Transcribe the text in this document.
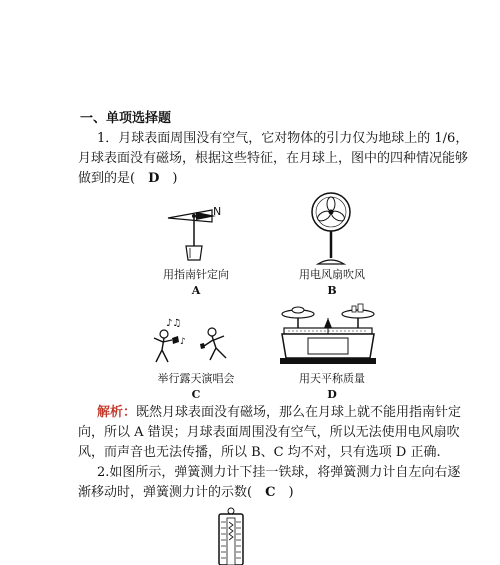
一、单项选择题
1．月球表面周围没有空气，它对物体的引力仅为地球上的 1/6，
月球表面没有磁场，根据这些特征，在月球上，图中的四种情况能够
做到的是(　D　)
N
用指南针定向
A
用电风扇吹风
B
♪♫
♪
举行露天演唱会
C
用天平称质量
D
解析：既然月球表面没有磁场，那么在月球上就不能用指南针定
向，所以 A 错误；月球表面周围没有空气，所以无法使用电风扇吹
风，而声音也无法传播，所以 B、C 均不对，只有选项 D 正确.
2.如图所示，弹簧测力计下挂一铁球，将弹簧测力计自左向右逐
渐移动时，弹簧测力计的示数(　C　)
